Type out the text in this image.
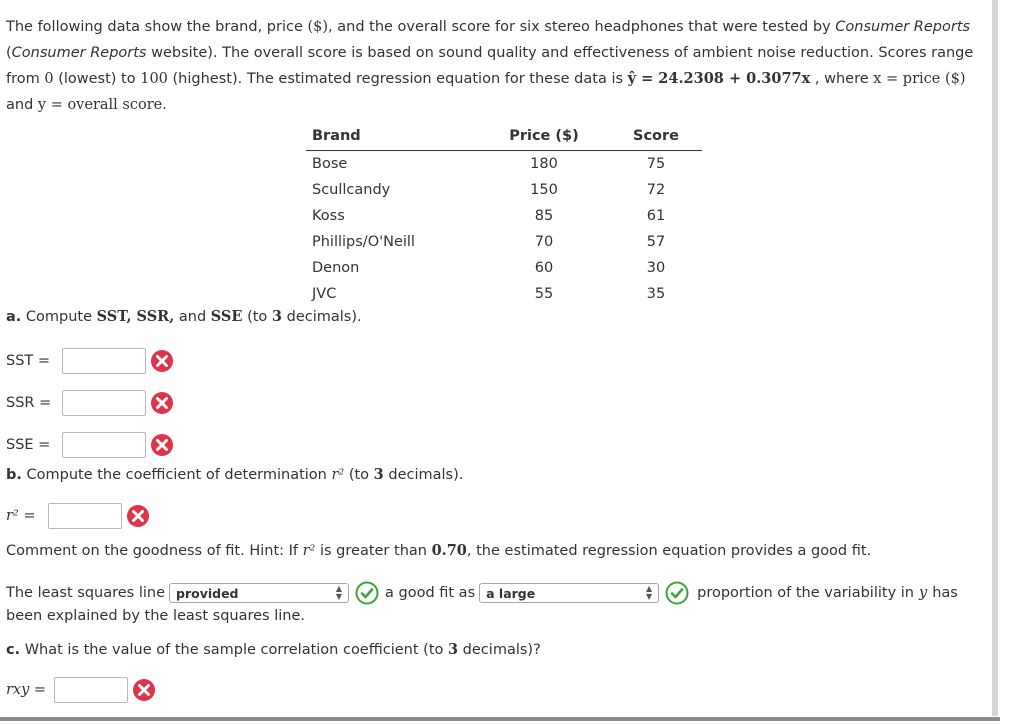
The following data show the brand, price ($), and the overall score for six stereo headphones that were tested by Consumer Reports (Consumer Reports website). The overall score is based on sound quality and effectiveness of ambient noise reduction. Scores range from 0 (lowest) to 100 (highest). The estimated regression equation for these data is ŷ = 24.2308 + 0.3077x , where x = price ($) and y = overall score.

Brand	Price ($)	Score
Bose	180	75
Scullcandy	150	72
Koss	85	61
Phillips/O'Neill	70	57
Denon	60	30
JVC	55	35

a. Compute SST, SSR, and SSE (to 3 decimals).

SST =
SSR =
SSE =

b. Compute the coefficient of determination r² (to 3 decimals).

r² =

Comment on the goodness of fit. Hint: If r² is greater than 0.70, the estimated regression equation provides a good fit.

The least squares line provided	▲
▼	a good fit as a large	▲
▼	proportion of the variability in y has

been explained by the least squares line.

c. What is the value of the sample correlation coefficient (to 3 decimals)?

rxy =
